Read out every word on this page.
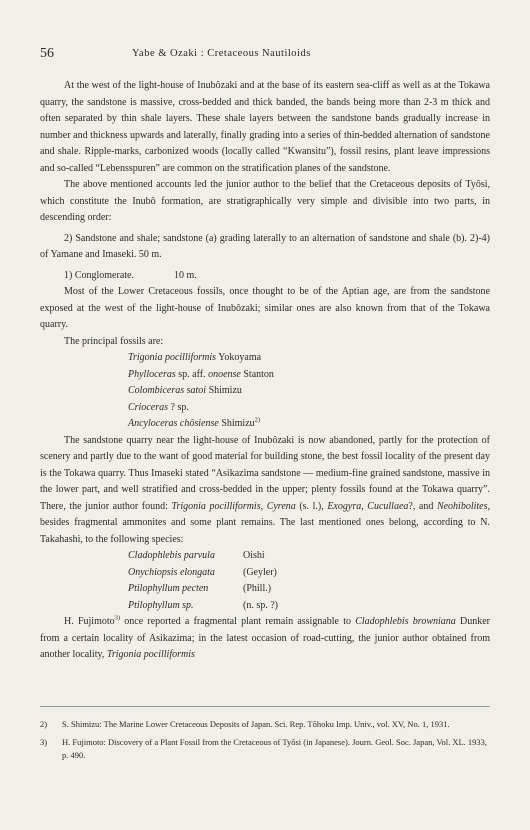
56	Yabe & Ozaki : Cretaceous Nautiloids

At the west of the light-house of Inubôzaki and at the base of its eastern sea-cliff as well as at the Tokawa quarry, the sandstone is massive, cross-bedded and thick banded, the bands being more than 2-3 m thick and often separated by thin shale layers. These shale layers between the sandstone bands gradually increase in number and thickness upwards and laterally, finally grading into a series of thin-bedded alternation of sandstone and shale. Ripple-marks, carbonized woods (locally called “Kwansitu”), fossil resins, plant leave impressions and so-called “Lebensspuren” are common on the stratification planes of the sandstone.

The above mentioned accounts led the junior author to the belief that the Cretaceous deposits of Tyôsi, which constitute the Inubô formation, are stratigraphically very simple and divisible into two parts, in descending order:

2) Sandstone and shale; sandstone (a) grading laterally to an alternation of sandstone and shale (b). 2)-4) of Yamane and Imaseki. 50 m.

1) Conglomerate.    10 m.

Most of the Lower Cretaceous fossils, once thought to be of the Aptian age, are from the sandstone exposed at the west of the light-house of Inubôzaki; similar ones are also known from that of the Tokawa quarry.

The principal fossils are:

Trigonia pocilliformis Yokoyama
Phylloceras sp. aff. onoense Stanton
Colombiceras satoi Shimizu
Crioceras ? sp.
Ancyloceras chôsiense Shimizu$^{2)}$

The sandstone quarry near the light-house of Inubôzaki is now abandoned, partly for the protection of scenery and partly due to the want of good material for building stone, the best fossil locality of the present day is the Tokawa quarry. Thus Imaseki stated “Asikazima sandstone — medium-fine grained sandstone, massive in the lower part, and well stratified and cross-bedded in the upper; plenty fossils found at the Tokawa quarry”. There, the junior author found: Trigonia pocilliformis, Cyrena (s. l.), Exogyra, Cucullaea?, and Neohibolites, besides fragmental ammonites and some plant remains. The last mentioned ones belong, according to N. Takahashi, to the following species:

Cladophlebis parvula	Oishi
Onychiopsis elongata	(Geyler)
Ptilophyllum pecten	(Phill.)
Ptilophyllum sp.	(n. sp. ?)

H. Fujimoto$^{3)}$ once reported a fragmental plant remain assignable to Cladophlebis browniana Dunker from a certain locality of Asikazima; in the latest occasion of road-cutting, the junior author obtained from another locality, Trigonia pocilliformis

2) S. Shimizu: The Marine Lower Cretaceous Deposits of Japan. Sci. Rep. Tôhoku Imp. Univ., vol. XV, No. 1, 1931.
3) H. Fujimoto: Discovery of a Plant Fossil from the Cretaceous of Tyôsi (in Japanese). Journ. Geol. Soc. Japan, Vol. XL. 1933, p. 490.
